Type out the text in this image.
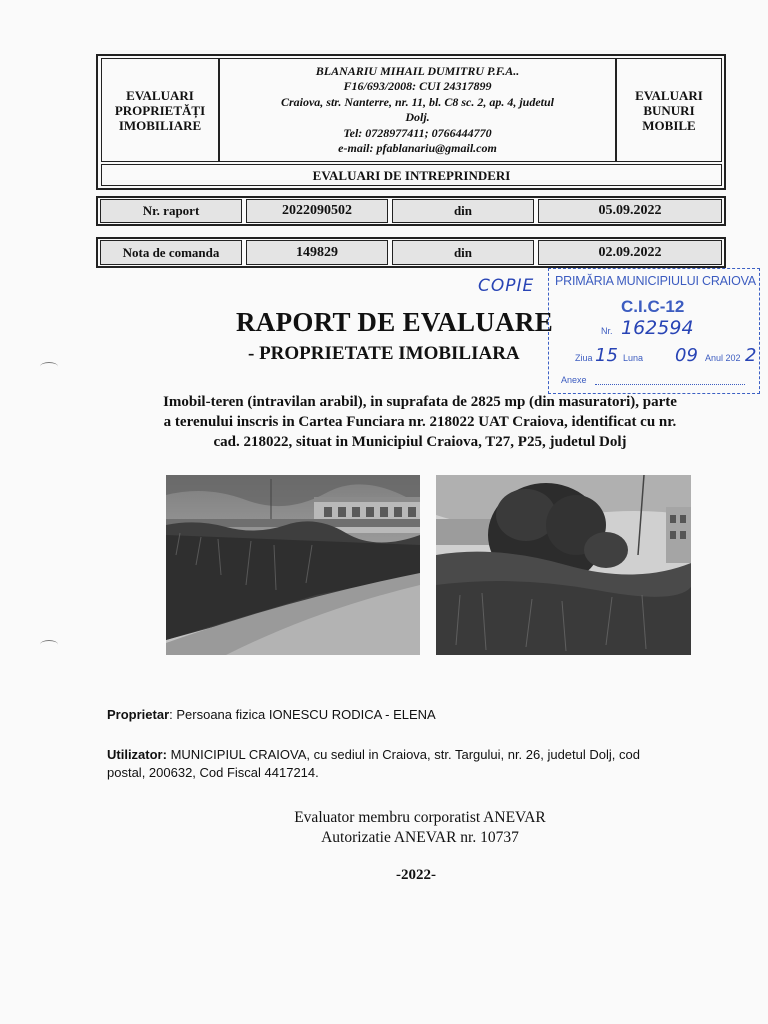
EVALUARI PROPRIETĂȚI IMOBILIARE
BLANARIU MIHAIL DUMITRU P.F.A..
F16/693/2008: CUI 24317899
Craiova, str. Nanterre, nr. 11, bl. C8 sc. 2, ap. 4, judetul
Dolj.
Tel: 0728977411; 0766444770
e-mail: pfablanariu@gmail.com
EVALUARI BUNURI MOBILE
EVALUARI DE INTREPRINDERI
Nr. raport	2022090502	din	05.09.2022
Nota de comanda	149829	din	02.09.2022
COPIE PRIMĂRIA MUNICIPIULUI CRAIOVA
C.I.C-12
Nr. 162594
Ziua 15 Luna 09 Anul 202 2
Anexe
RAPORT DE EVALUARE
- PROPRIETATE IMOBILIARA
Imobil-teren (intravilan arabil), in suprafata de 2825 mp (din masuratori), parte
a terenului inscris in Cartea Funciara nr. 218022 UAT Craiova, identificat cu nr.
cad. 218022, situat in Municipiul Craiova, T27, P25, judetul Dolj
Proprietar: Persoana fizica IONESCU RODICA - ELENA
Utilizator: MUNICIPIUL CRAIOVA, cu sediul in Craiova, str. Targului, nr. 26, judetul Dolj, cod
postal, 200632, Cod Fiscal 4417214.
Evaluator membru corporatist ANEVAR
Autorizatie ANEVAR nr. 10737
-2022-
